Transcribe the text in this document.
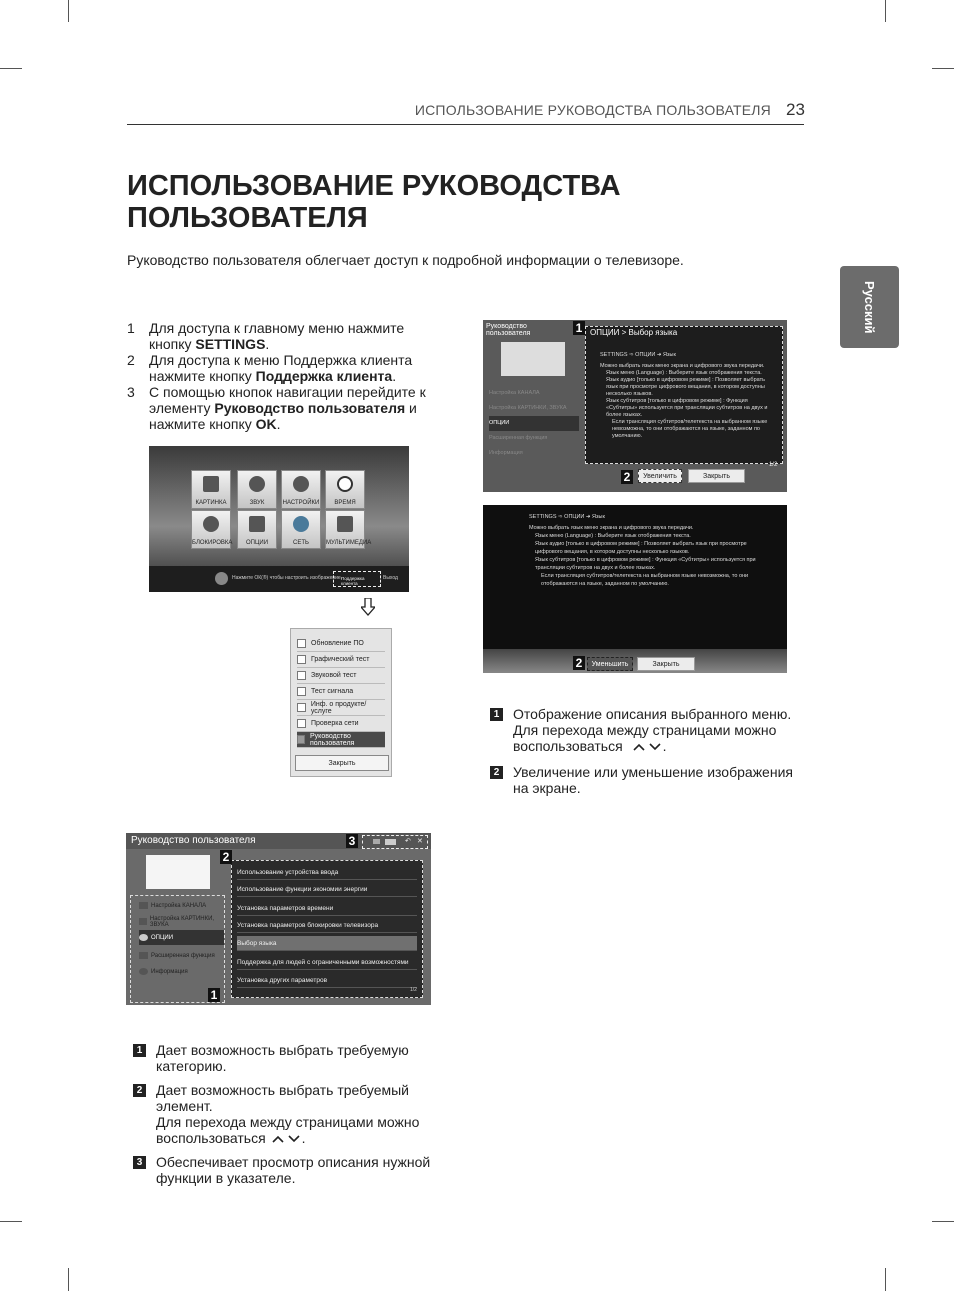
ИСПОЛЬЗОВАНИЕ РУКОВОДСТВА ПОЛЬЗОВАТЕЛЯ 23
Русский
ИСПОЛЬЗОВАНИЕ РУКОВОДСТВА
ПОЛЬЗОВАТЕЛЯ
Руководство пользователя облегчает доступ к подробной информации о телевизоре.
1	Для доступа к главному меню нажмите кнопку SETTINGS.
2	Для доступа к меню Поддержка клиента нажмите кнопку Поддержка клиента.
3	С помощью кнопок навигации перейдите к элементу Руководство пользователя и нажмите кнопку OK.
КАРТИНКА	ЗВУК	НАСТРОЙКИ	ВРЕМЯ
БЛОКИРОВКА	ОПЦИИ	СЕТЬ	МУЛЬТИМЕДИА
Нажмите ОК(®) чтобы настроить изображение.
Поддержка клиента
Выход
Обновление ПО
Графический тест
Звуковой тест
Тест сигнала
Инф. о продукте/услуге
Проверка сети
Руководство пользователя
Закрыть
Руководство пользователя
Настройка КАНАЛА
Настройка КАРТИНКИ, ЗВУКА
ОПЦИИ
Расширенная функция
Информация
ОПЦИИ > Выбор языка
SETTINGS ➾ ОПЦИИ ➜ Язык
Можно выбрать язык меню экрана и цифрового звука передачи.
Язык меню (Language) : Выберите язык отображения текста.
Язык аудио [только в цифровом режиме] : Позволяет выбрать язык при просмотре цифрового вещания, в котором доступны несколько языков.
Язык субтитров [только в цифровом режиме] : Функция «Субтитры» используется при трансляции субтитров на двух и более языках.
Если трансляция субтитров/телетекста на выбранном языке невозможна, то они отображаются на языке, заданном по умолчанию.
Увеличить	Закрыть
1/2
1
2
SETTINGS ➾ ОПЦИИ ➜ Язык
Можно выбрать язык меню экрана и цифрового звука передачи.
Язык меню (Language) : Выберите язык отображения текста.
Язык аудио [только в цифровом режиме] : Позволяет выбрать язык при просмотре цифрового вещания, в котором доступны несколько языков.
Язык субтитров [только в цифровом режиме] : Функция «Субтитры» используется при трансляции субтитров на двух и более языках.
Если трансляция субтитров/телетекста на выбранном языке невозможна, то они отображаются на языке, заданном по умолчанию.
Уменьшить	Закрыть
2
1 Отображение описания выбранного меню. Для перехода между страницами можно воспользоваться	.
2 Увеличение или уменьшение изображения на экране.
Руководство пользователя	↶ ✕
Настройка КАНАЛА
Настройка КАРТИНКИ, ЗВУКА
ОПЦИИ
Расширенная функция
Информация
Использование устройства ввода
Использование функции экономии энергии
Установка параметров времени
Установка параметров блокировки телевизора
Выбор языка
Поддержка для людей с ограниченными возможностями
Установка других параметров
1/2
3
2
1
1 Дает возможность выбрать требуемую категорию.
2 Дает возможность выбрать требуемый элемент.
Для перехода между страницами можно воспользоваться	.
3 Обеспечивает просмотр описания нужной функции в указателе.
